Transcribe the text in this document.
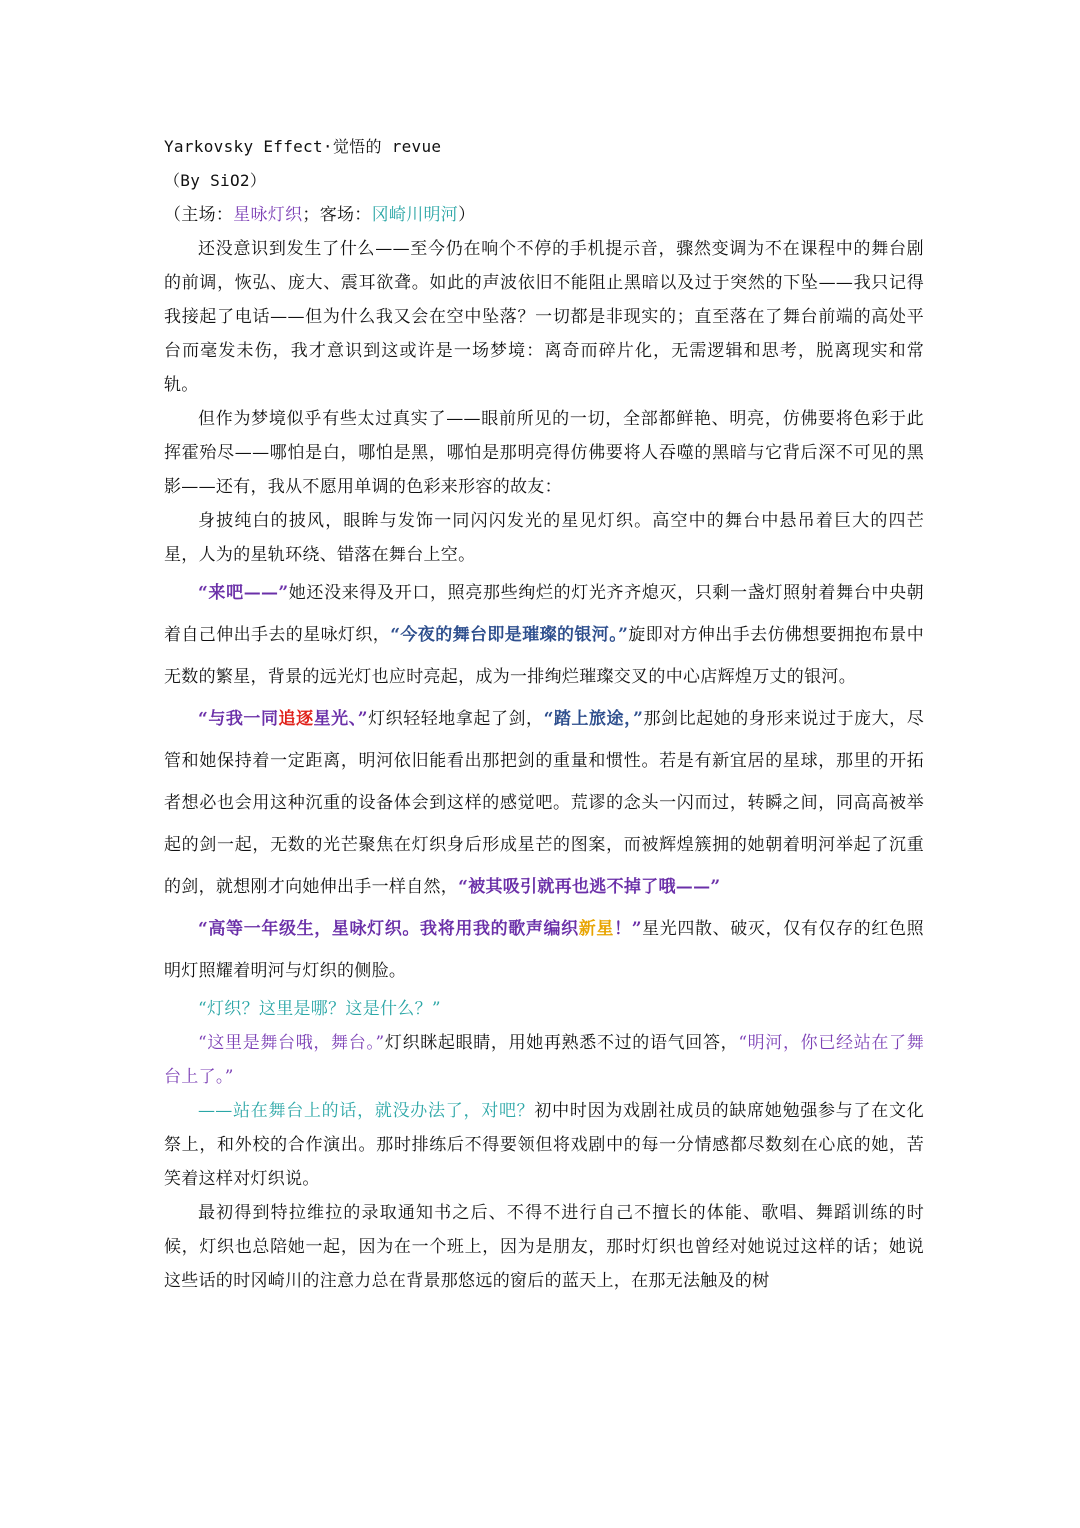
Yarkovsky Effect·觉悟的 revue
（By SiO2）
（主场：星咏灯织；客场：冈崎川明河）

还没意识到发生了什么——至今仍在响个不停的手机提示音，骤然变调为不在课程中的舞台剧的前调，恢弘、庞大、震耳欲聋。如此的声波依旧不能阻止黑暗以及过于突然的下坠——我只记得我接起了电话——但为什么我又会在空中坠落？一切都是非现实的；直至落在了舞台前端的高处平台而毫发未伤，我才意识到这或许是一场梦境：离奇而碎片化，无需逻辑和思考，脱离现实和常轨。

但作为梦境似乎有些太过真实了——眼前所见的一切，全部都鲜艳、明亮，仿佛要将色彩于此挥霍殆尽——哪怕是白，哪怕是黑，哪怕是那明亮得仿佛要将人吞噬的黑暗与它背后深不可见的黑影——还有，我从不愿用单调的色彩来形容的故友：

身披纯白的披风，眼眸与发饰一同闪闪发光的星见灯织。高空中的舞台中悬吊着巨大的四芒星，人为的星轨环绕、错落在舞台上空。

“来吧——”她还没来得及开口，照亮那些绚烂的灯光齐齐熄灭，只剩一盏灯照射着舞台中央朝着自己伸出手去的星咏灯织，“今夜的舞台即是璀璨的银河。”旋即对方伸出手去仿佛想要拥抱布景中无数的繁星，背景的远光灯也应时亮起，成为一排绚烂璀璨交叉的中心店辉煌万丈的银河。

“与我一同追逐星光、”灯织轻轻地拿起了剑，“踏上旅途，”那剑比起她的身形来说过于庞大，尽管和她保持着一定距离，明河依旧能看出那把剑的重量和惯性。若是有新宜居的星球，那里的开拓者想必也会用这种沉重的设备体会到这样的感觉吧。荒谬的念头一闪而过，转瞬之间，同高高被举起的剑一起，无数的光芒聚焦在灯织身后形成星芒的图案，而被辉煌簇拥的她朝着明河举起了沉重的剑，就想刚才向她伸出手一样自然，“被其吸引就再也逃不掉了哦——”

“高等一年级生，星咏灯织。我将用我的歌声编织新星！”星光四散、破灭，仅有仅存的红色照明灯照耀着明河与灯织的侧脸。

“灯织？这里是哪？这是什么？”

“这里是舞台哦，舞台。”灯织眯起眼睛，用她再熟悉不过的语气回答，“明河，你已经站在了舞台上了。”

——站在舞台上的话，就没办法了，对吧？初中时因为戏剧社成员的缺席她勉强参与了在文化祭上，和外校的合作演出。那时排练后不得要领但将戏剧中的每一分情感都尽数刻在心底的她，苦笑着这样对灯织说。

最初得到特拉维拉的录取通知书之后、不得不进行自己不擅长的体能、歌唱、舞蹈训练的时候，灯织也总陪她一起，因为在一个班上，因为是朋友，那时灯织也曾经对她说过这样的话；她说这些话的时冈崎川的注意力总在背景那悠远的窗后的蓝天上，在那无法触及的树
